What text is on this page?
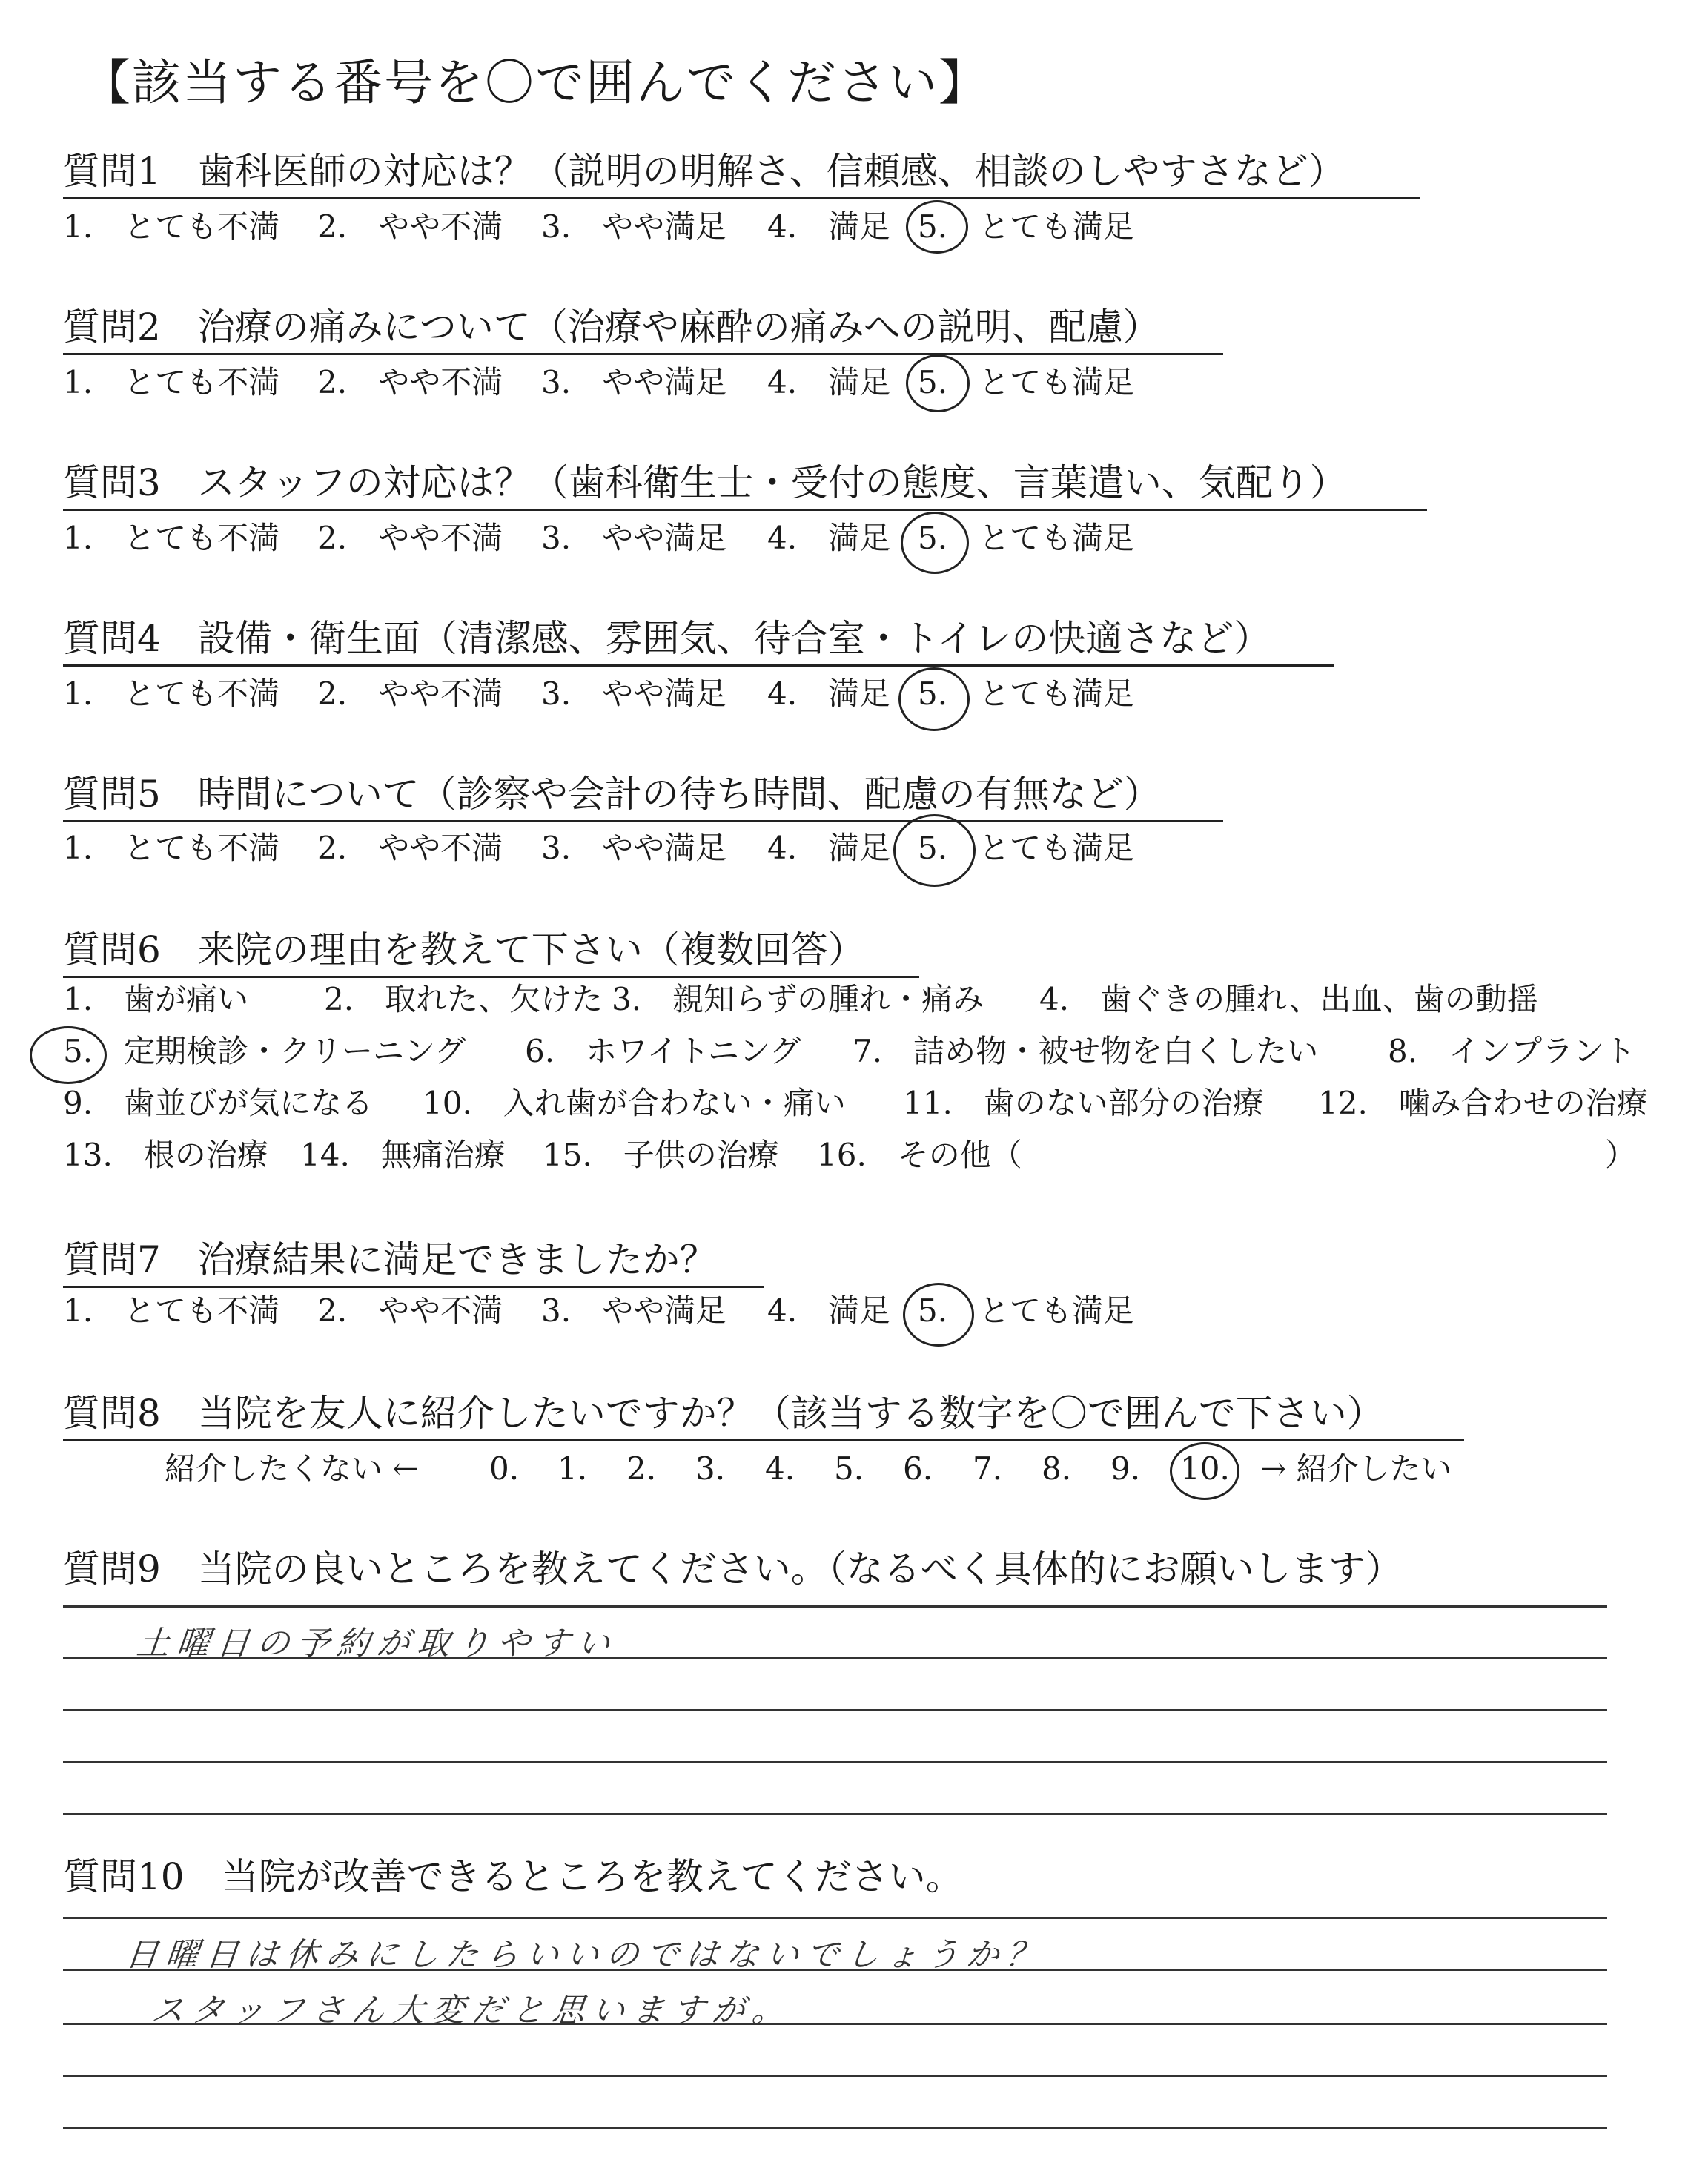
【該当する番号を〇で囲んでください】
質問1　歯科医師の対応は？（説明の明解さ、信頼感、相談のしやすさなど）
1.　とても不満 2.　やや不満 3.　やや満足 4.　満足 5.　とても満足
質問2　治療の痛みについて（治療や麻酔の痛みへの説明、配慮）
1.　とても不満 2.　やや不満 3.　やや満足 4.　満足 5.　とても満足
質問3　スタッフの対応は？（歯科衛生士・受付の態度、言葉遣い、気配り）
1.　とても不満 2.　やや不満 3.　やや満足 4.　満足 5.　とても満足
質問4　設備・衛生面（清潔感、雰囲気、待合室・トイレの快適さなど）
1.　とても不満 2.　やや不満 3.　やや満足 4.　満足 5.　とても満足
質問5　時間について（診察や会計の待ち時間、配慮の有無など）
1.　とても不満 2.　やや不満 3.　やや満足 4.　満足 5.　とても満足
質問6　来院の理由を教えて下さい（複数回答）
1.　歯が痛い 2.　取れた、欠けた 3.　親知らずの腫れ・痛み 4.　歯ぐきの腫れ、出血、歯の動揺
5.　定期検診・クリーニング 6.　ホワイトニング 7.　詰め物・被せ物を白くしたい 8.　インプラント
9.　歯並びが気になる 10.　入れ歯が合わない・痛い 11.　歯のない部分の治療 12.　噛み合わせの治療
13.　根の治療 14.　無痛治療 15.　子供の治療 16.　その他（	）
質問7　治療結果に満足できましたか？
1.　とても不満 2.　やや不満 3.　やや満足 4.　満足 5.　とても満足
質問8　当院を友人に紹介したいですか？（該当する数字を〇で囲んで下さい）
紹介したくない ← 0. 1. 2. 3. 4. 5. 6. 7. 8. 9. 10. → 紹介したい
質問9　当院の良いところを教えてください。（なるべく具体的にお願いします）
土曜日の予約が取りやすい
質問10　当院が改善できるところを教えてください。
日曜日は休みにしたらいいのではないでしょうか？
スタッフさん大変だと思いますが。
